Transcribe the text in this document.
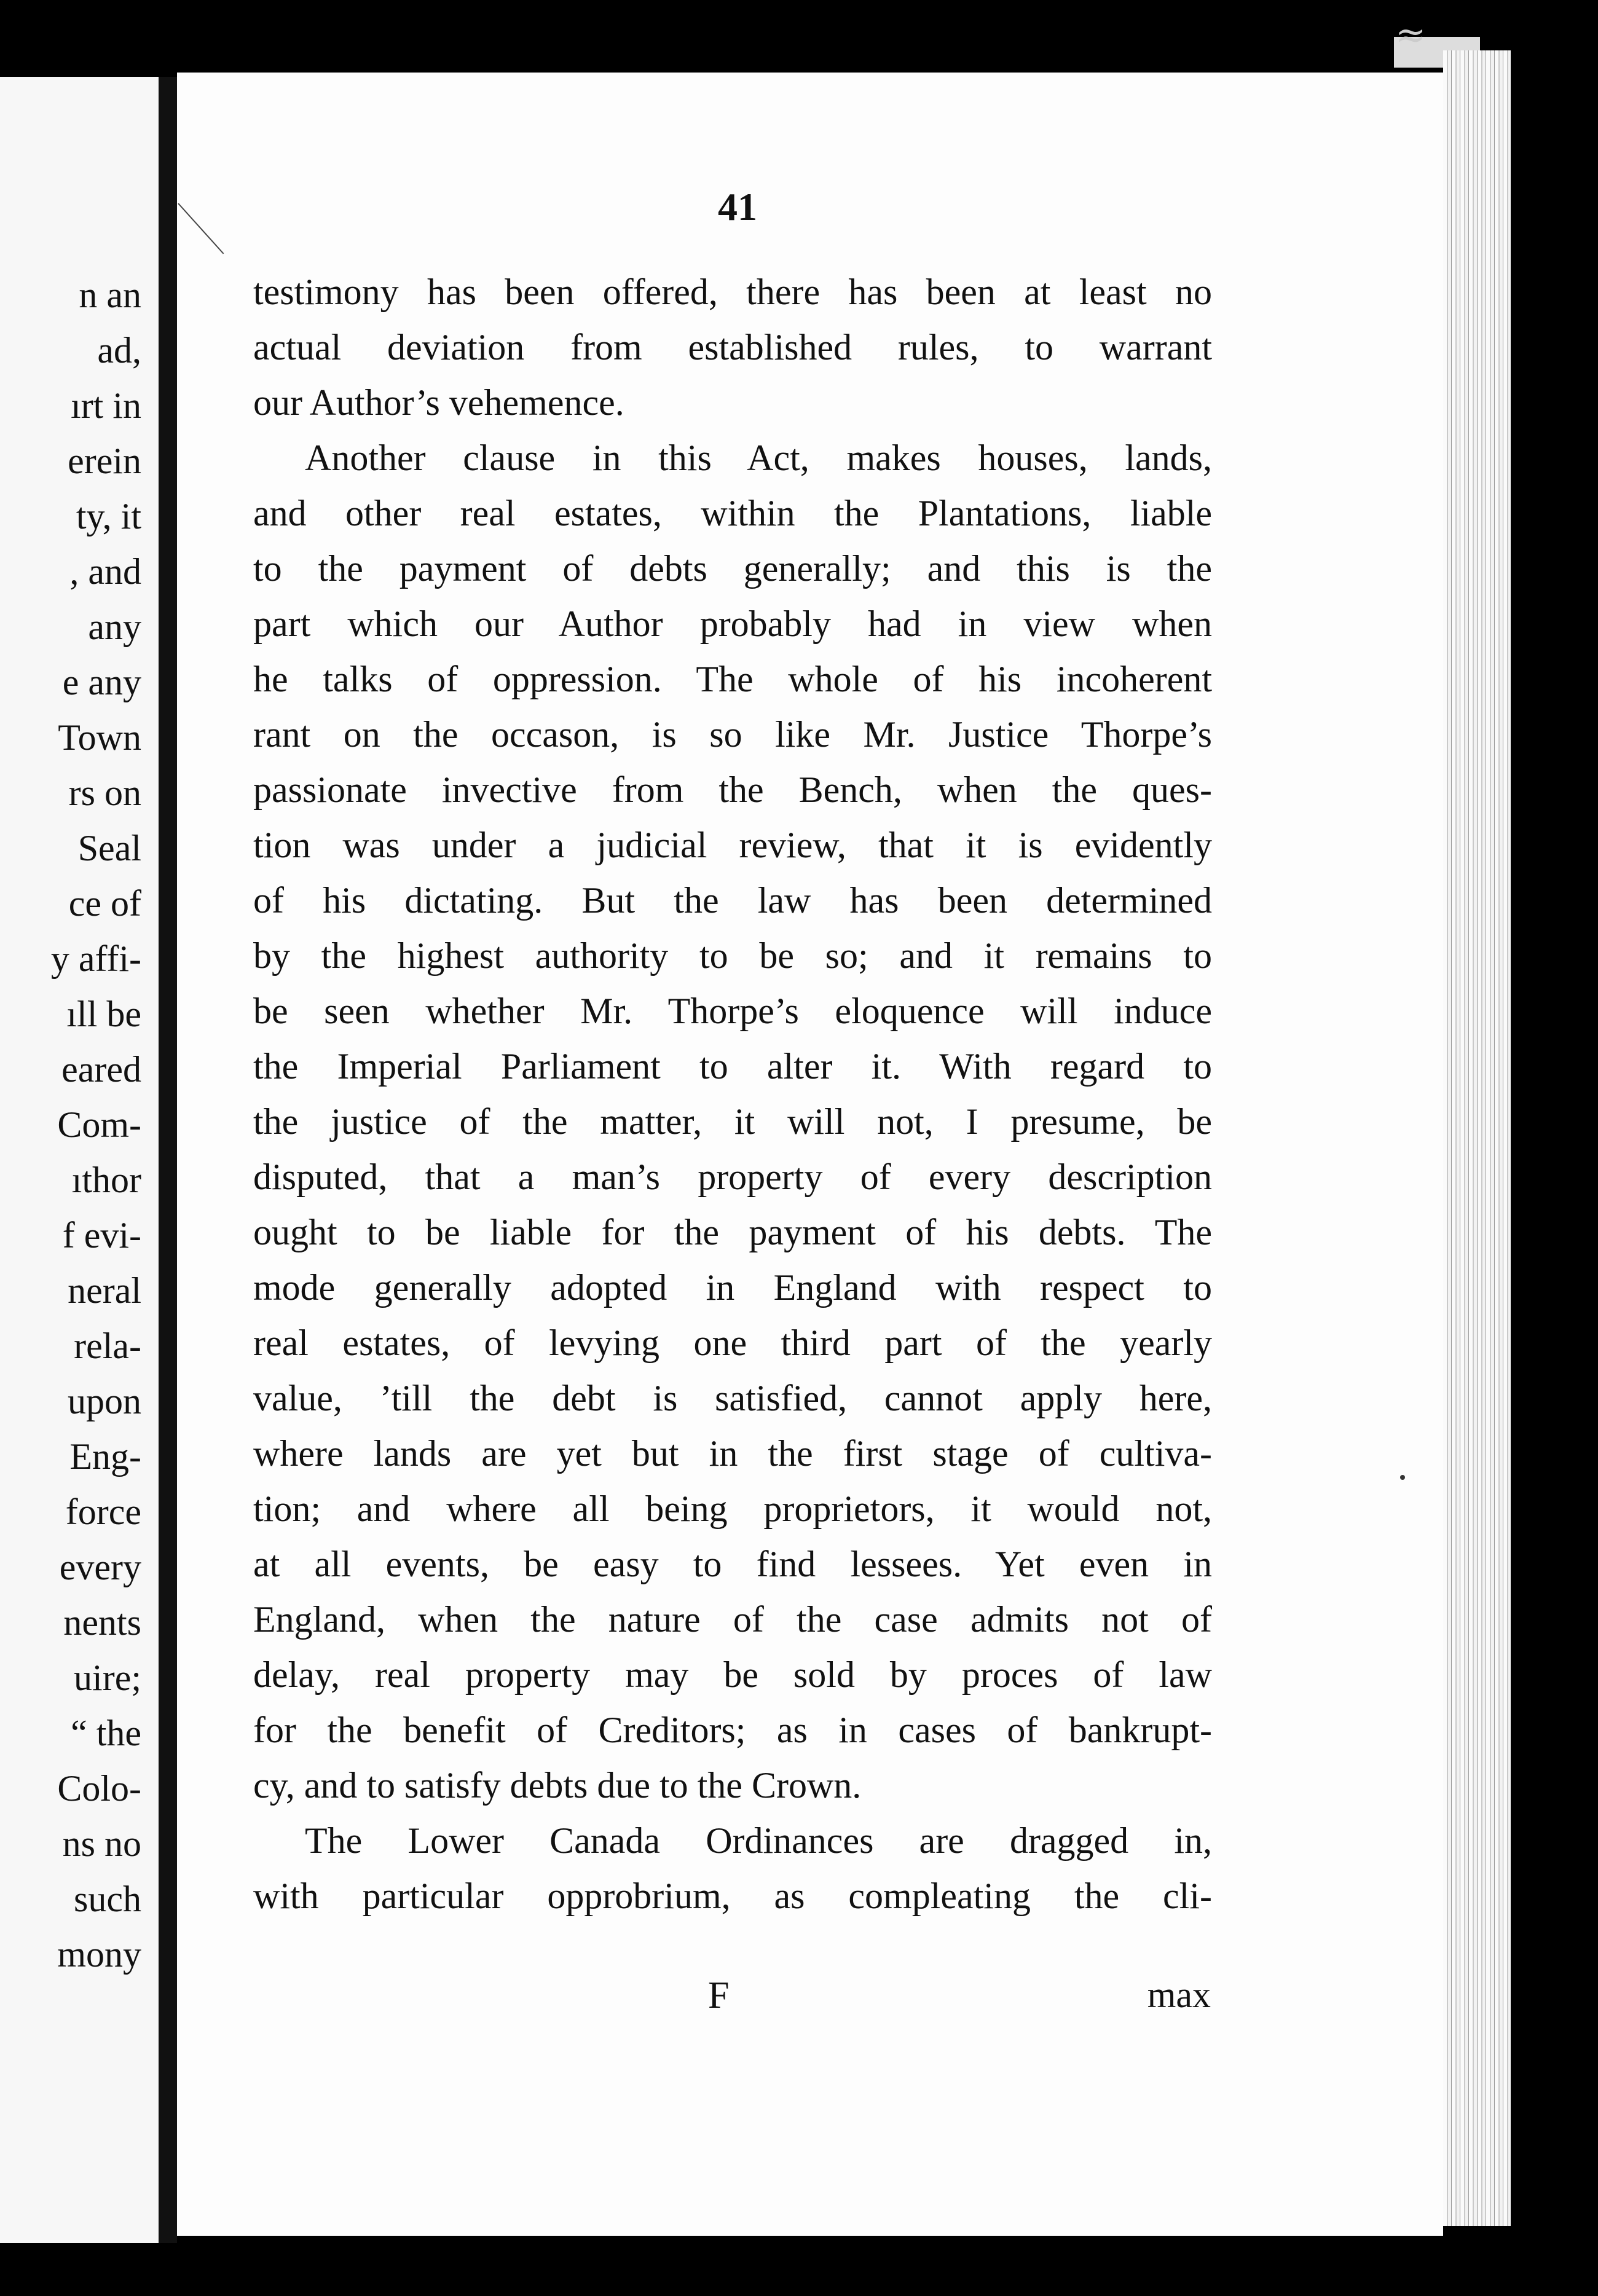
n an
ad,
ırt in
erein
ty, it
, and
any
e any
Town
rs on
Seal
ce of
y affi-
ıll be
eared
Com-
ıthor
f evi-
neral
rela-
upon
Eng-
force
every
nents
uire;
“ the
Colo-
ns no
such
mony
≈
41
testimony has been offered, there has been at least no
actual deviation from established rules, to warrant
our Author’s vehemence.
Another clause in this Act, makes houses, lands,
and other real estates, within the Plantations, liable
to the payment of debts generally; and this is the
part which our Author probably had in view when
he talks of oppression. The whole of his incoherent
rant on the occason, is so like Mr. Justice Thorpe’s
passionate invective from the Bench, when the ques-
tion was under a judicial review, that it is evidently
of his dictating. But the law has been determined
by the highest authority to be so; and it remains to
be seen whether Mr. Thorpe’s eloquence will induce
the Imperial Parliament to alter it. With regard to
the justice of the matter, it will not, I presume, be
disputed, that a man’s property of every description
ought to be liable for the payment of his debts. The
mode generally adopted in England with respect to
real estates, of levying one third part of the yearly
value, ’till the debt is satisfied, cannot apply here,
where lands are yet but in the first stage of cultiva-
tion; and where all being proprietors, it would not,
at all events, be easy to find lessees. Yet even in
England, when the nature of the case admits not of
delay, real property may be sold by proces of law
for the benefit of Creditors; as in cases of bankrupt-
cy, and to satisfy debts due to the Crown.
The Lower Canada Ordinances are dragged in,
with particular opprobrium, as compleating the cli-
F	max
